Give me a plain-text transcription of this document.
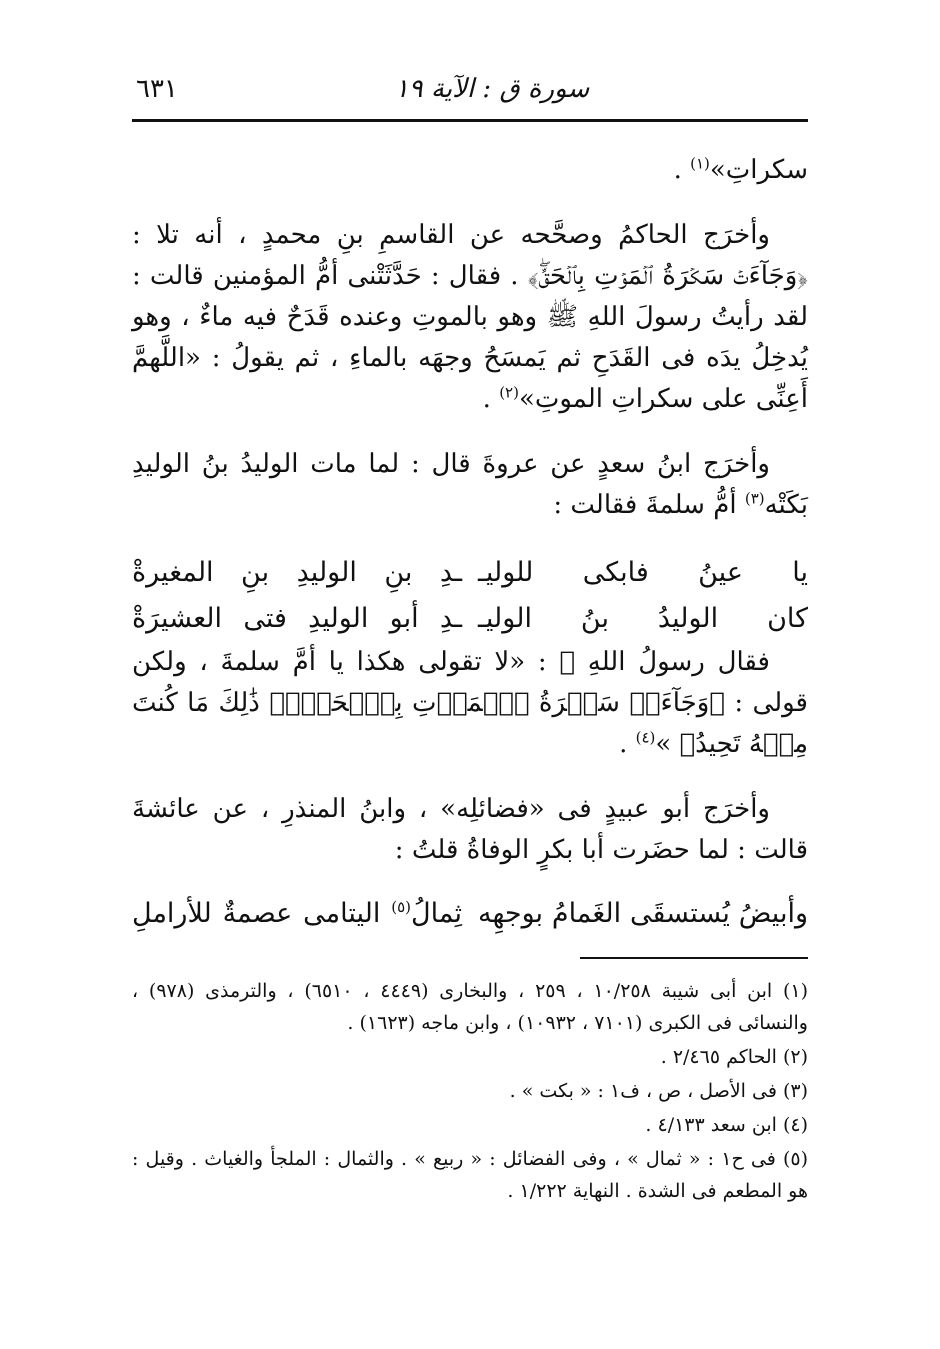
٦٣١	سورة ق : الآية ١٩

سكراتِ»$^{(١)}$ .

وأخرَج الحاكمُ وصحَّحه عن القاسمِ بنِ محمدٍ ، أنه تلا : ﴿وَجَآءَتۡ سَكۡرَةُ ٱلۡمَوۡتِ بِٱلۡحَقِّۖ﴾ . فقال : حَدَّثَتْنى أمُّ المؤمنين قالت : لقد رأيتُ رسولَ اللهِ ﷺ وهو بالموتِ وعنده قَدَحٌ فيه ماءٌ ، وهو يُدخِلُ يدَه فى القَدَحِ ثم يَمسَحُ وجهَه بالماءِ ، ثم يقولُ : «اللَّهمَّ أَعِنِّى على سكراتِ الموتِ»$^{(٢)}$ .

وأخرَج ابنُ سعدٍ عن عروةَ قال : لما مات الوليدُ بنُ الوليدِ بَكَتْه$^{(٣)}$ أمُّ سلمةَ فقالت :

يا عينُ فابكى للوليـ
ـدِ بنِ الوليدِ بنِ المغيرةْ
كان الوليدُ بنُ الوليـ
ـدِ أبو الوليدِ فتى العشيرَةْ

فقال رسولُ اللهِ ﷺ : «لا تقولى هكذا يا أمَّ سلمةَ ، ولكن قولى : ﴿وَجَآءَتۡ سَكۡرَةُ ٱلۡمَوۡتِ بِٱلۡحَقِّۖ ذَٰلِكَ مَا كُنتَ مِنۡهُ تَحِيدُ﴾ »$^{(٤)}$ .

وأخرَج أبو عبيدٍ فى «فضائلِه» ، وابنُ المنذرِ ، عن عائشةَ قالت : لما حضَرت أبا بكرٍ الوفاةُ قلتُ :

وأبيضُ يُستسقَى الغَمامُ بوجهِه
ثِمالُ$^{(٥)}$ اليتامى عصمةٌ للأراملِ

(١) ابن أبى شيبة ١٠/٢٥٨ ، ٢٥٩ ، والبخارى (٤٤٤٩ ، ٦٥١٠) ، والترمذى (٩٧٨) ، والنسائى فى الكبرى (٧١٠١ ، ١٠٩٣٢) ، وابن ماجه (١٦٢٣) .

(٢) الحاكم ٢/٤٦٥ .

(٣) فى الأصل ، ص ، ف١ : « بكت » .

(٤) ابن سعد ٤/١٣٣ .

(٥) فى ح١ : « ثمال » ، وفى الفضائل : « ربيع » . والثمال : الملجأ والغياث . وقيل : هو المطعم فى الشدة . النهاية ١/٢٢٢ .
